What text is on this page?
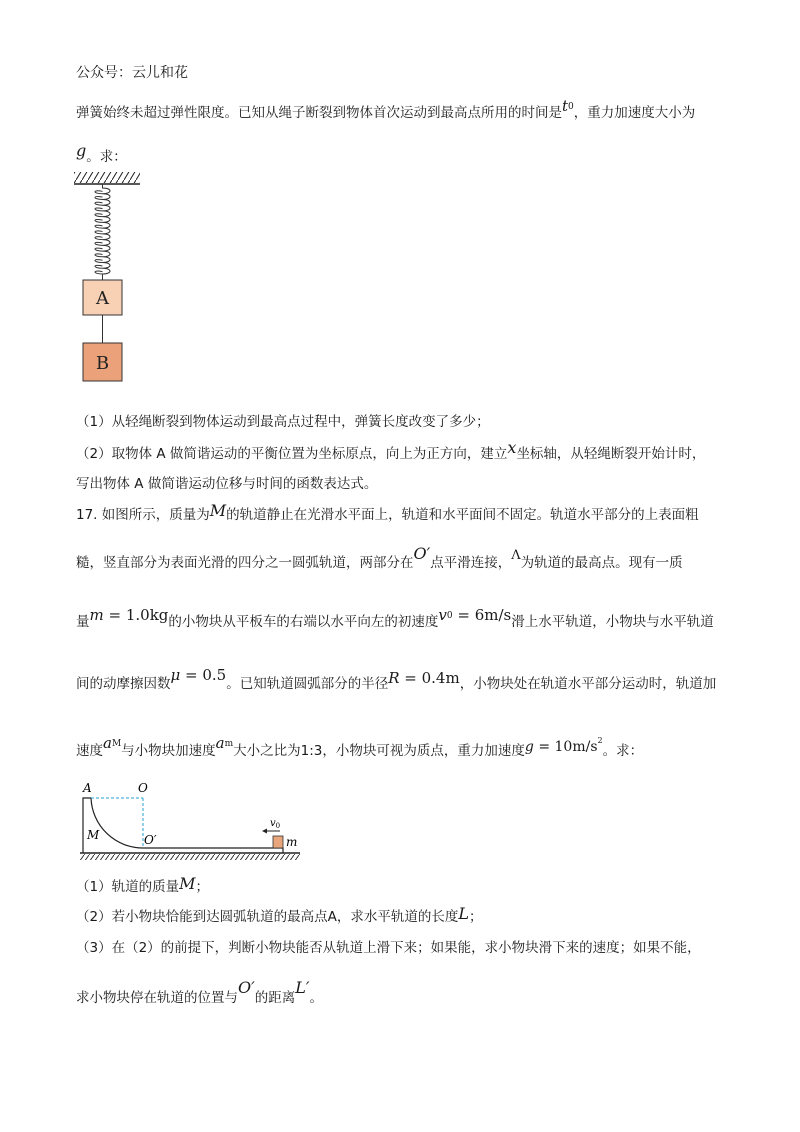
公众号：云儿和花
弹簧始终未超过弹性限度。已知从绳子断裂到物体首次运动到最高点所用的时间是t0，重力加速度大小为
g。求：
A
B
（1）从轻绳断裂到物体运动到最高点过程中，弹簧长度改变了多少；
（2）取物体 A 做简谐运动的平衡位置为坐标原点，向上为正方向，建立x坐标轴，从轻绳断裂开始计时，
写出物体 A 做简谐运动位移与时间的函数表达式。
17. 如图所示，质量为M的轨道静止在光滑水平面上，轨道和水平面间不固定。轨道水平部分的上表面粗
糙，竖直部分为表面光滑的四分之一圆弧轨道，两部分在O′点平滑连接，Λ为轨道的最高点。现有一质
量m = 1.0kg的小物块从平板车的右端以水平向左的初速度v0 = 6m/s滑上水平轨道，小物块与水平轨道
间的动摩擦因数μ = 0.5。已知轨道圆弧部分的半径R = 0.4m，小物块处在轨道水平部分运动时，轨道加
速度aM与小物块加速度am大小之比为1:3，小物块可视为质点，重力加速度$g = 10m/s^2$。求：
A	O
M	O′	m
$v_0$
（1）轨道的质量M；
（2）若小物块恰能到达圆弧轨道的最高点A，求水平轨道的长度L；
（3）在（2）的前提下，判断小物块能否从轨道上滑下来；如果能，求小物块滑下来的速度；如果不能，
求小物块停在轨道的位置与O′的距离L′。
